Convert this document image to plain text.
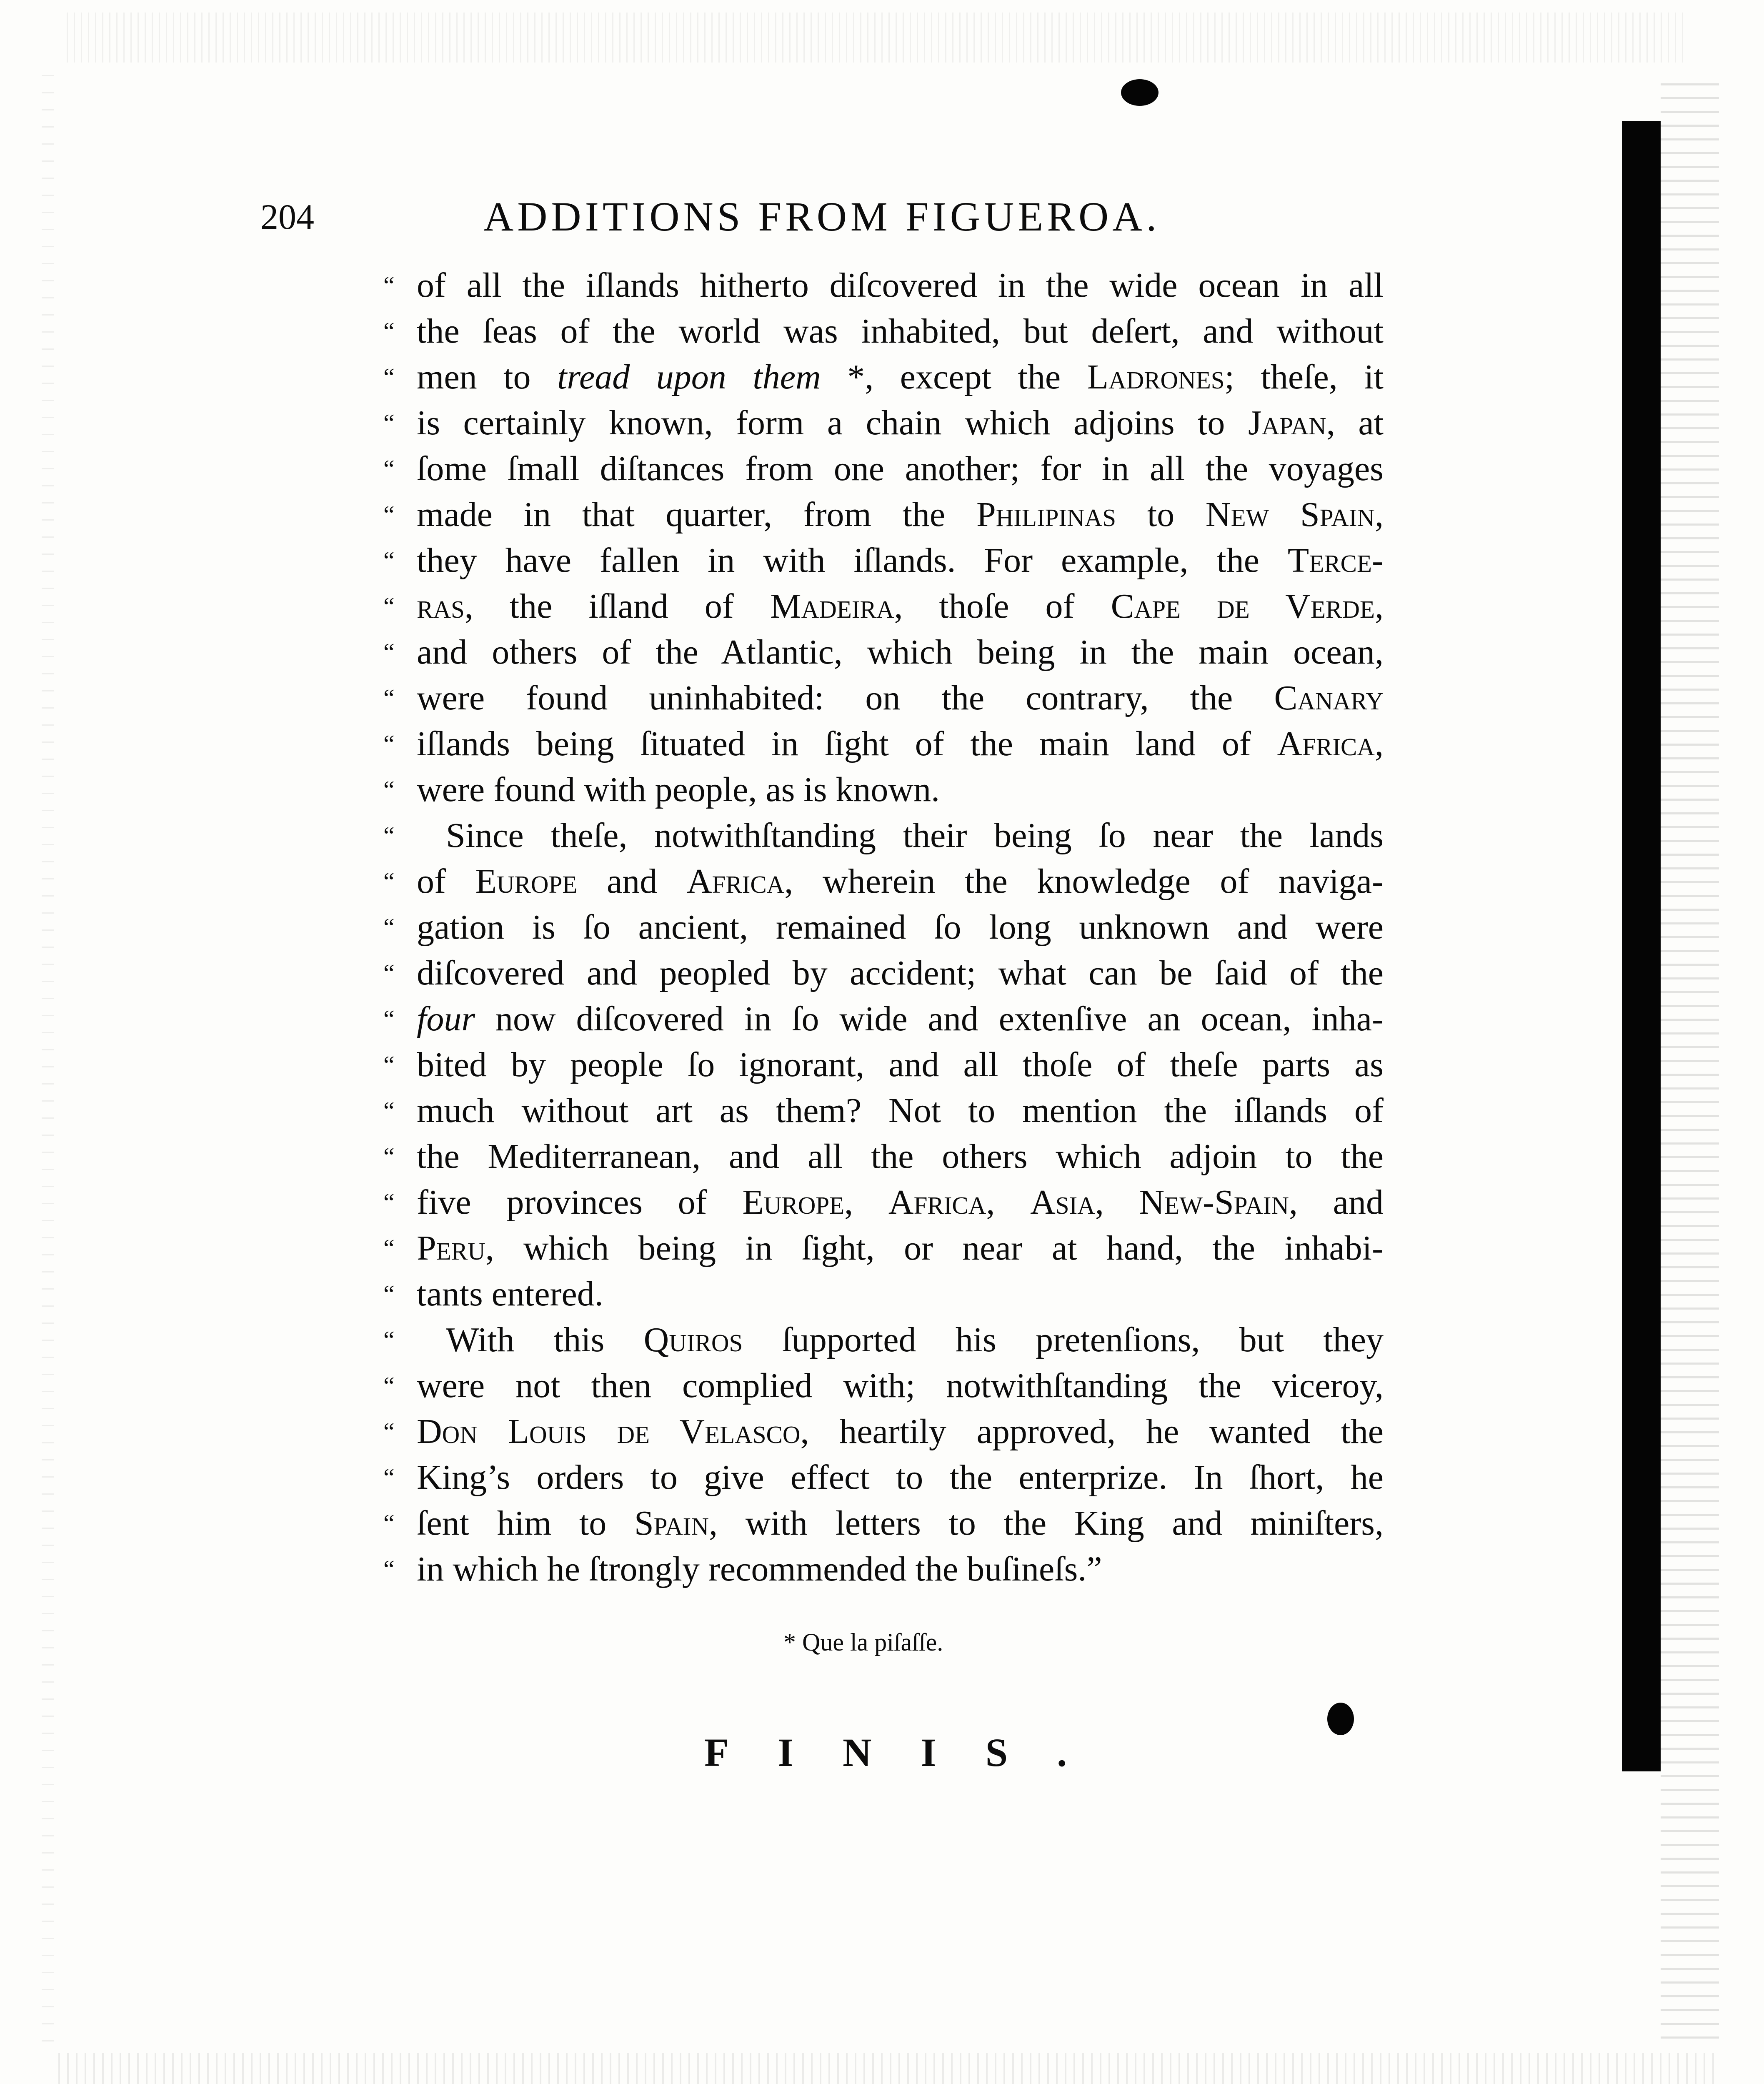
204	ADDITIONS FROM FIGUEROA.
“ of all the iſlands hitherto diſcovered in the wide ocean in all
“ the ſeas of the world was inhabited, but deſert, and without
“ men to tread upon them *, except the Ladrones; theſe, it
“ is certainly known, form a chain which adjoins to Japan, at
“ ſome ſmall diſtances from one another; for in all the voyages
“ made in that quarter, from the Philipinas to New Spain,
“ they have fallen in with iſlands. For example, the Terce-
“ ras, the iſland of Madeira, thoſe of Cape de Verde,
“ and others of the Atlantic, which being in the main ocean,
“ were found uninhabited: on the contrary, the Canary
“ iſlands being ſituated in ſight of the main land of Africa,
“ were found with people, as is known.
“	Since theſe, notwithſtanding their being ſo near the lands
“ of Europe and Africa, wherein the knowledge of naviga-
“ gation is ſo ancient, remained ſo long unknown and were
“ diſcovered and peopled by accident; what can be ſaid of the
“ four now diſcovered in ſo wide and extenſive an ocean, inha-
“ bited by people ſo ignorant, and all thoſe of theſe parts as
“ much without art as them? Not to mention the iſlands of
“ the Mediterranean, and all the others which adjoin to the
“ five provinces of Europe, Africa, Asia, New-Spain, and
“ Peru, which being in ſight, or near at hand, the inhabi-
“ tants entered.
“	With this Quiros ſupported his pretenſions, but they
“ were not then complied with; notwithſtanding the viceroy,
“ Don Louis de Velasco, heartily approved, he wanted the
“ King’s orders to give effect to the enterprize. In ſhort, he
“ ſent him to Spain, with letters to the King and miniſters,
“ in which he ſtrongly recommended the buſineſs.”
* Que la piſaſſe.
FINIS.
